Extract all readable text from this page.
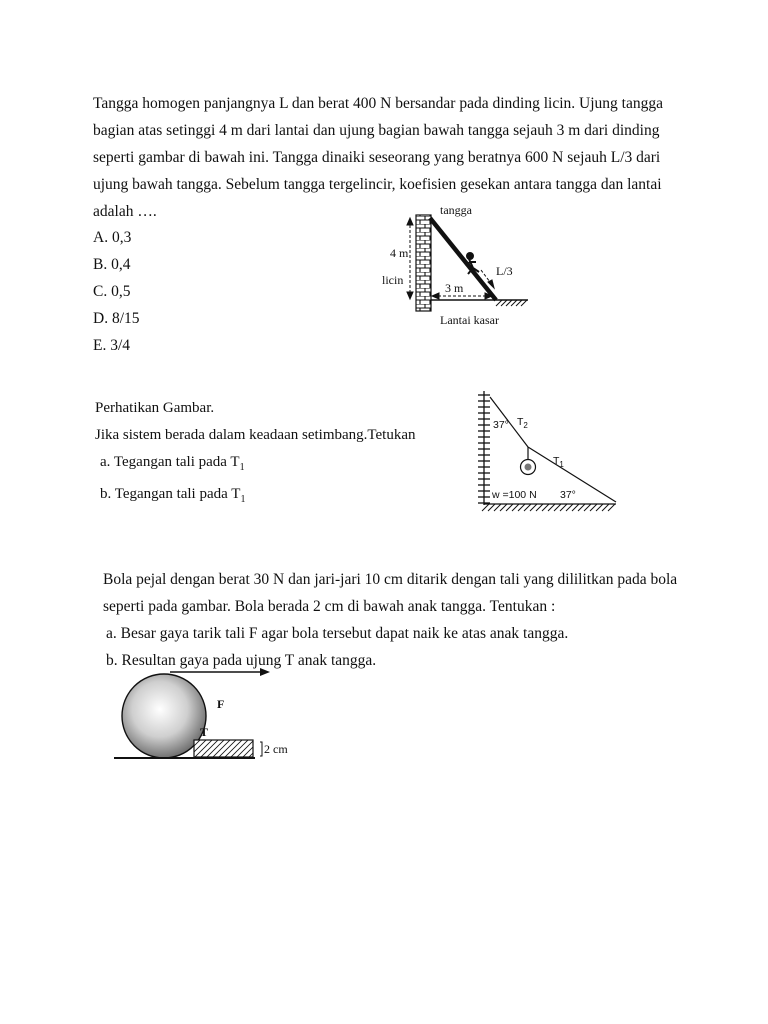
Tangga homogen panjangnya L dan berat 400 N bersandar pada dinding licin. Ujung tangga
bagian atas setinggi 4 m dari lantai dan ujung bagian bawah tangga sejauh 3 m dari dinding
seperti gambar di bawah ini. Tangga dinaiki seseorang yang beratnya 600 N sejauh L/3 dari
ujung bawah tangga. Sebelum tangga tergelincir, koefisien gesekan antara tangga dan lantai
adalah ….
A. 0,3
B. 0,4
C. 0,5
D. 8/15
E. 3/4
tangga
4 m
licin
3 m
L/3
Lantai kasar
Perhatikan Gambar.
Jika sistem berada dalam keadaan setimbang.Tetukan
a. Tegangan tali pada $T_1$
b. Tegangan tali pada $T_1$
37° $T_2$
$T_1$
w =100 N 37°
Bola pejal dengan berat 30 N dan jari-jari 10 cm ditarik dengan tali yang dililitkan pada bola
seperti pada gambar. Bola berada 2 cm di bawah anak tangga. Tentukan :
a. Besar gaya tarik tali F agar bola tersebut dapat naik ke atas anak tangga.
b. Resultan gaya pada ujung T anak tangga.
F
T
2 cm
